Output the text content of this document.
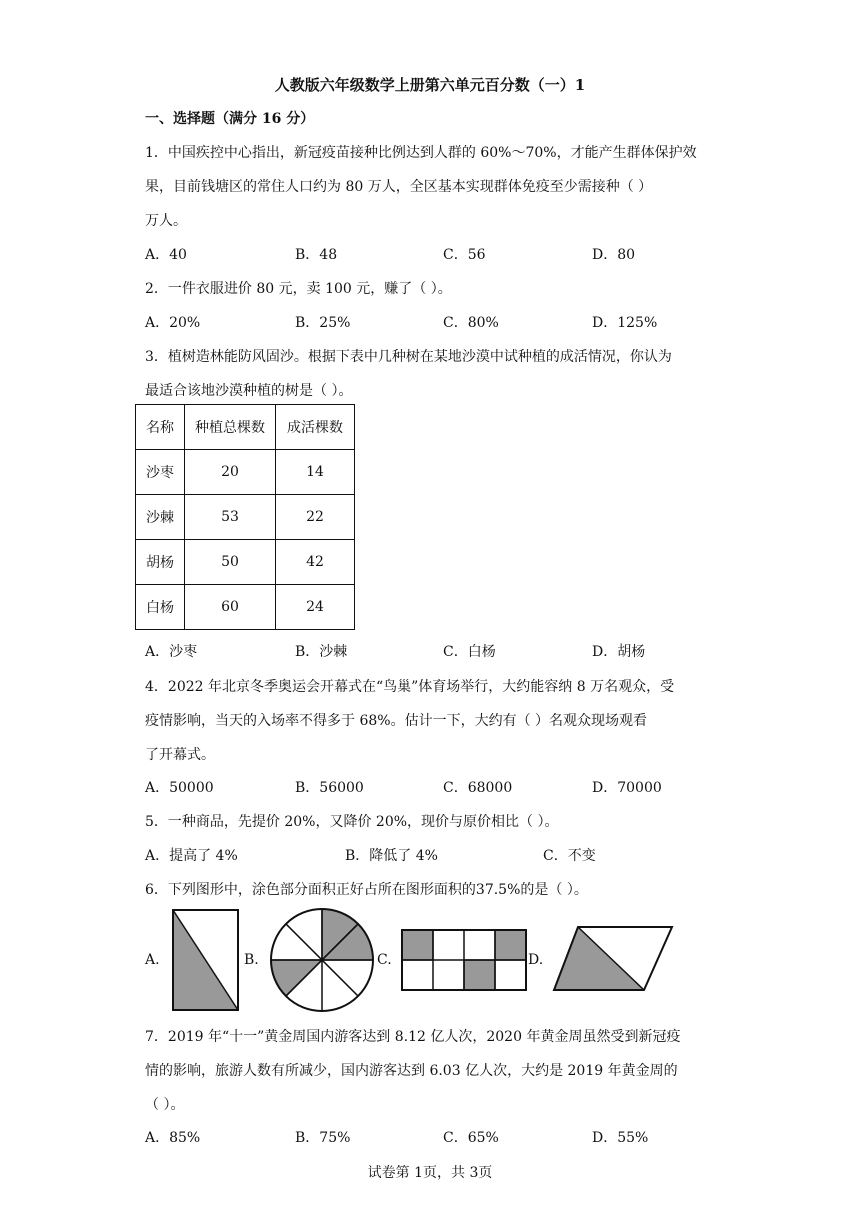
人教版六年级数学上册第六单元百分数（一）1
一、选择题（满分 16 分）
1．中国疾控中心指出，新冠疫苗接种比例达到人群的 60%～70%，才能产生群体保护效
果，目前钱塘区的常住人口约为 80 万人，全区基本实现群体免疫至少需接种（ ）
万人。
A．40	B．48	C．56	D．80
2．一件衣服进价 80 元，卖 100 元，赚了（ ）。
A．20%	B．25%	C．80%	D．125%
3．植树造林能防风固沙。根据下表中几种树在某地沙漠中试种植的成活情况，你认为
最适合该地沙漠种植的树是（ ）。
名称	种植总棵数	成活棵数
沙枣	20	14
沙棘	53	22
胡杨	50	42
白杨	60	24
A．沙枣	B．沙棘	C．白杨	D．胡杨
4．2022 年北京冬季奥运会开幕式在“鸟巢”体育场举行，大约能容纳 8 万名观众，受
疫情影响，当天的入场率不得多于 68%。估计一下，大约有（ ）名观众现场观看
了开幕式。
A．50000	B．56000	C．68000	D．70000
5．一种商品，先提价 20%，又降价 20%，现价与原价相比（ ）。
A．提高了 4%	B．降低了 4%	C．不变
6．下列图形中，涂色部分面积正好占所在图形面积的37.5%的是（ ）。
A.	B.	C.	D.
7．2019 年“十一”黄金周国内游客达到 8.12 亿人次，2020 年黄金周虽然受到新冠疫
情的影响，旅游人数有所减少，国内游客达到 6.03 亿人次，大约是 2019 年黄金周的
（ ）。
A．85%	B．75%	C．65%	D．55%
试卷第 1页，共 3页
